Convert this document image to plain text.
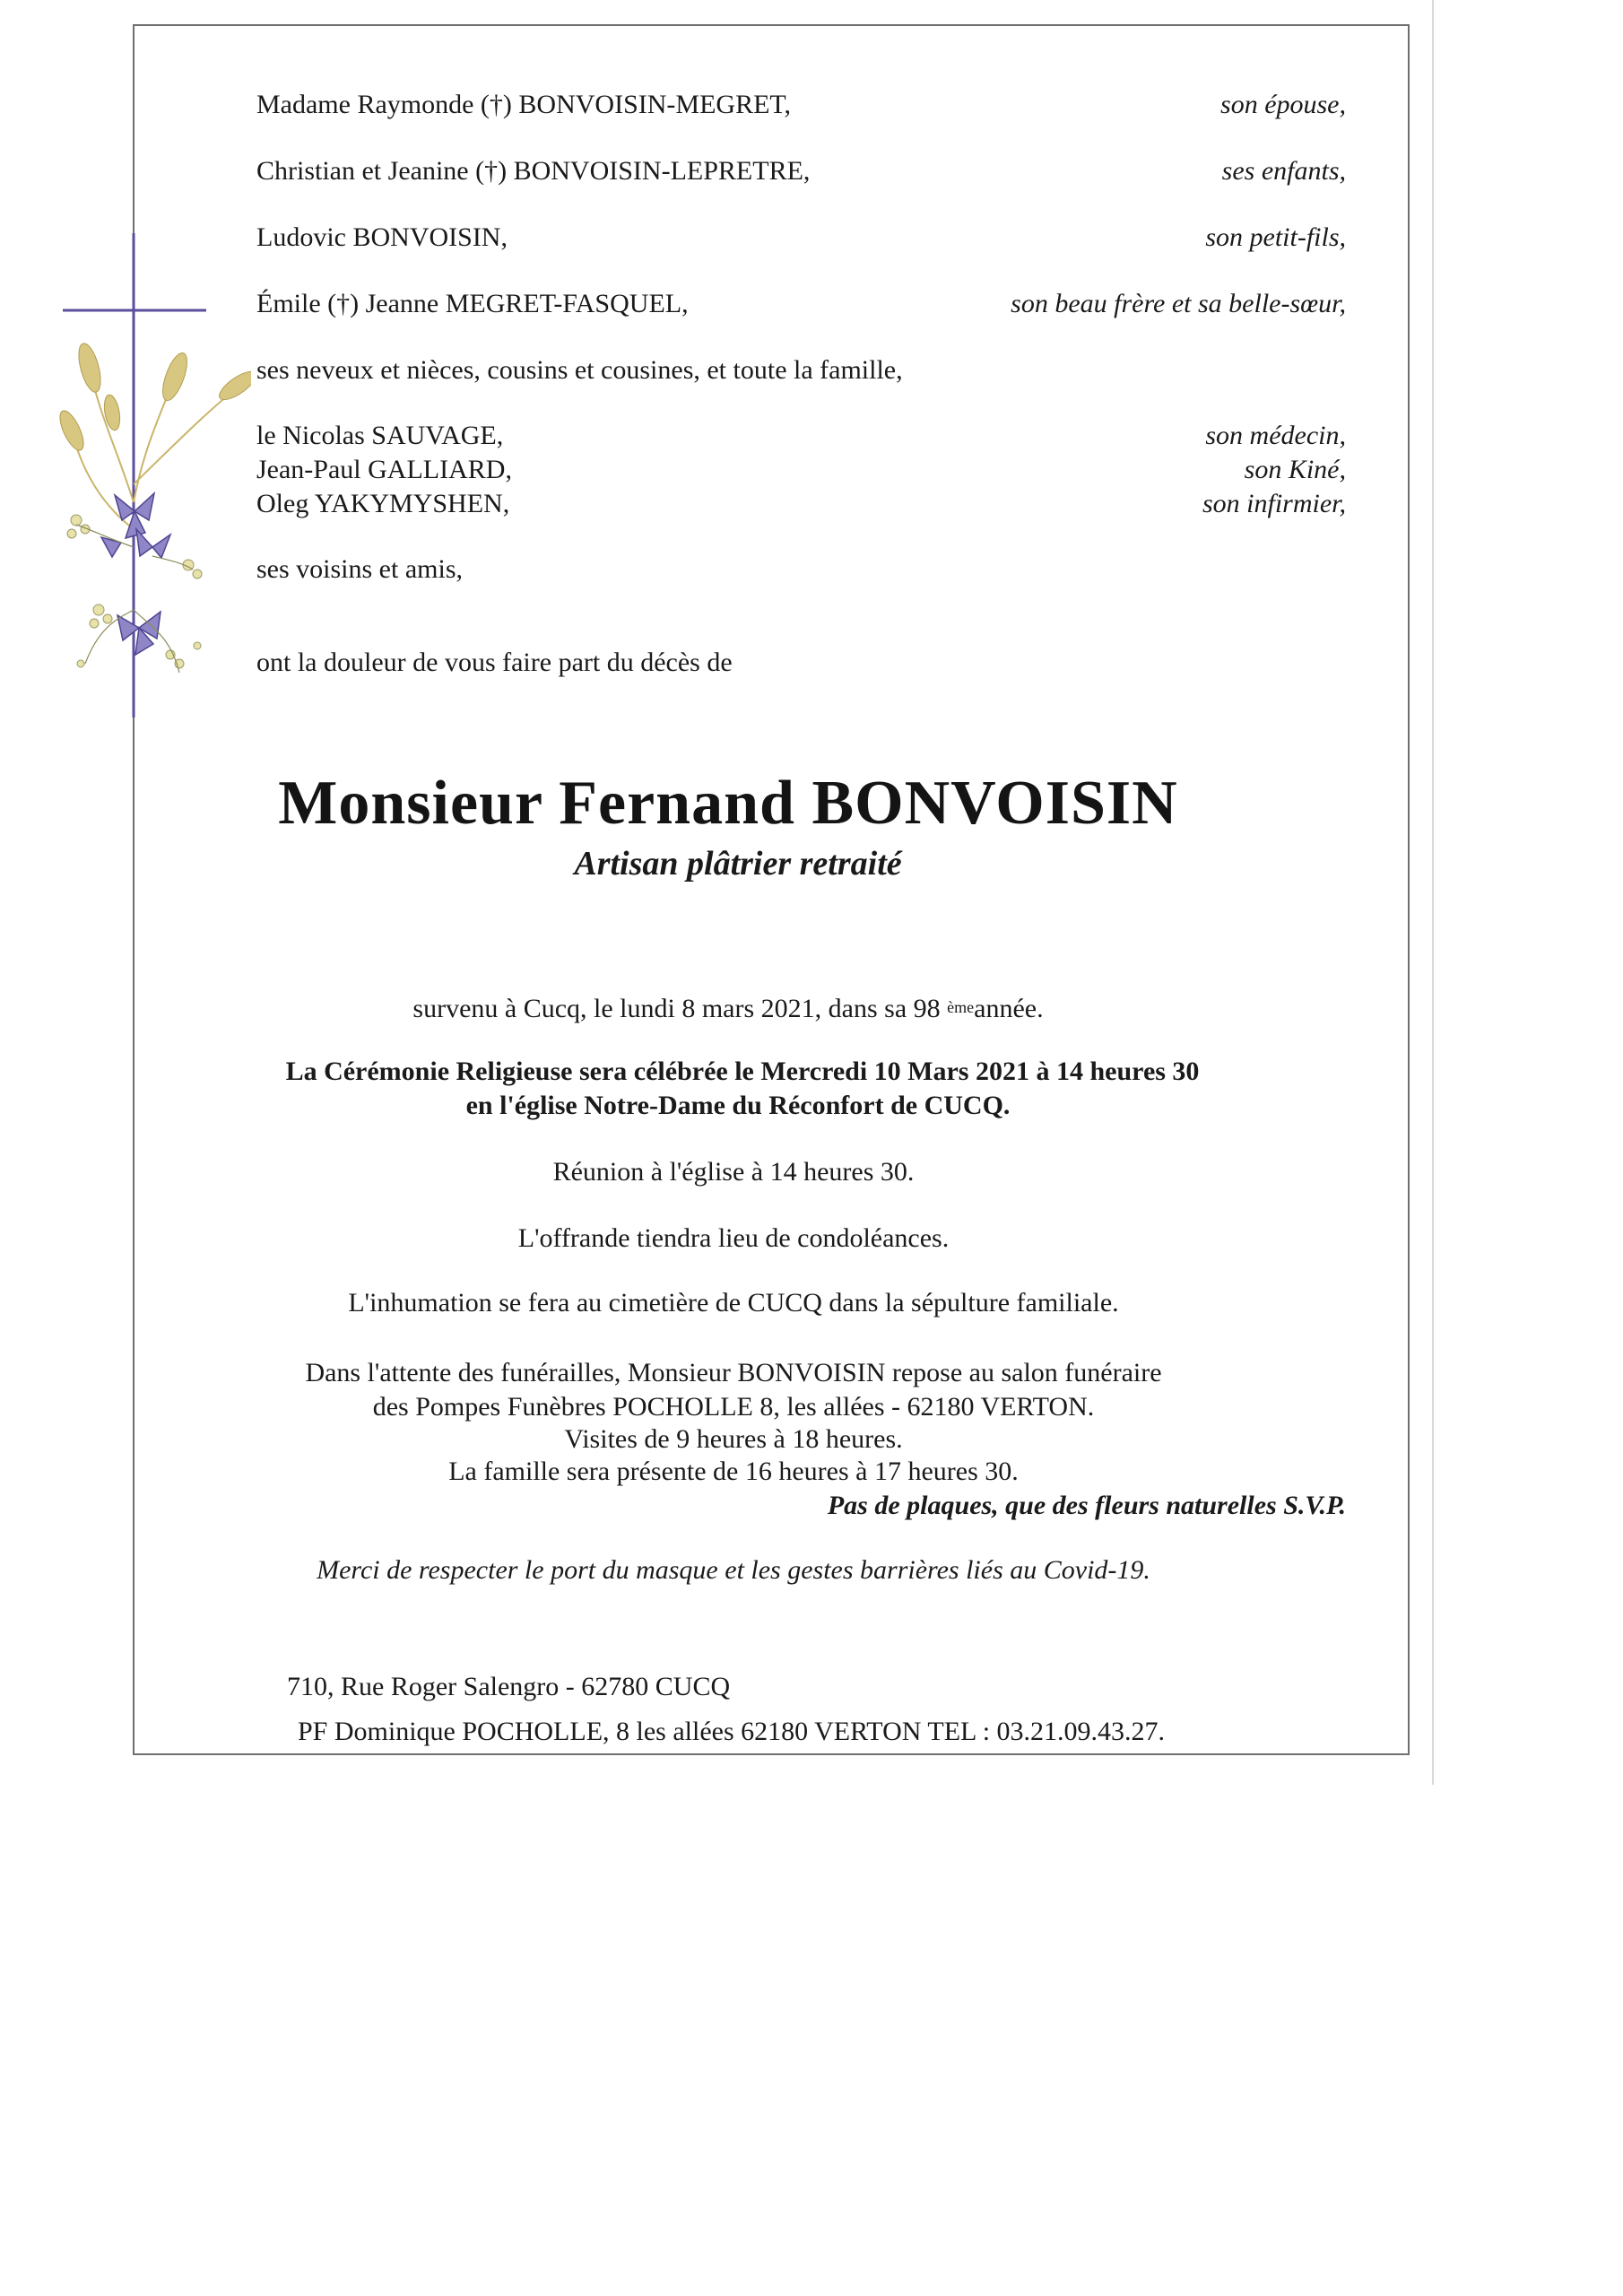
Madame Raymonde (†) BONVOISIN-MEGRET,	son épouse,
Christian et Jeanine (†) BONVOISIN-LEPRETRE,	ses enfants,
Ludovic BONVOISIN,	son petit-fils,
Émile (†) Jeanne MEGRET-FASQUEL,	son beau frère et sa belle-sœur,
ses neveux et nièces, cousins et cousines, et toute la famille,
le Nicolas SAUVAGE,	son médecin,
Jean-Paul GALLIARD,	son Kiné,
Oleg YAKYMYSHEN,	son infirmier,
ses voisins et amis,
ont la douleur de vous faire part du décès de
Monsieur Fernand BONVOISIN
Artisan plâtrier retraité
survenu à Cucq, le lundi 8 mars 2021, dans sa 98 $^{ème}$année.
La Cérémonie Religieuse sera célébrée le Mercredi 10 Mars 2021 à 14 heures 30
en l'église Notre-Dame du Réconfort de CUCQ.
Réunion à l'église à 14 heures 30.
L'offrande tiendra lieu de condoléances.
L'inhumation se fera au cimetière de CUCQ dans la sépulture familiale.
Dans l'attente des funérailles, Monsieur BONVOISIN repose au salon funéraire
des Pompes Funèbres POCHOLLE 8, les allées - 62180 VERTON.
Visites de 9 heures à 18 heures.
La famille sera présente de 16 heures à 17 heures 30.
Pas de plaques, que des fleurs naturelles S.V.P.
Merci de respecter le port du masque et les gestes barrières liés au Covid-19.
710, Rue Roger Salengro - 62780 CUCQ
PF Dominique POCHOLLE, 8 les allées 62180 VERTON TEL : 03.21.09.43.27.
